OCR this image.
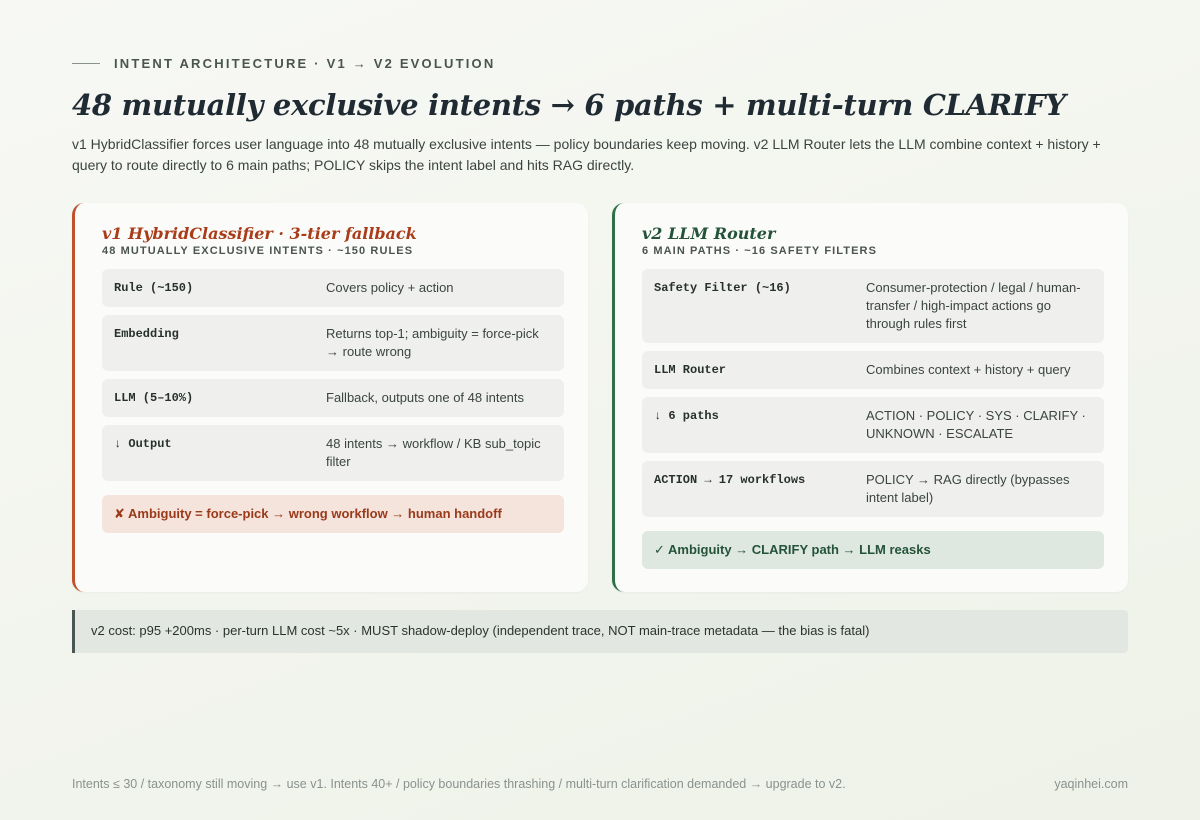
INTENT ARCHITECTURE · V1 → V2 EVOLUTION
48 mutually exclusive intents → 6 paths + multi-turn CLARIFY

v1 HybridClassifier forces user language into 48 mutually exclusive intents — policy boundaries keep moving. v2 LLM Router lets the LLM combine context + history + query to route directly to 6 main paths; POLICY skips the intent label and hits RAG directly.

v1 HybridClassifier · 3-tier fallback
48 MUTUALLY EXCLUSIVE INTENTS · ~150 RULES
Rule (~150)	Covers policy + action
Embedding	Returns top-1; ambiguity = force-pick → route wrong
LLM (5–10%)	Fallback, outputs one of 48 intents
↓ Output	48 intents → workflow / KB sub_topic filter
✘ Ambiguity = force-pick → wrong workflow → human handoff
v2 LLM Router
6 MAIN PATHS · ~16 SAFETY FILTERS
Safety Filter (~16)	Consumer-protection / legal / human-transfer / high-impact actions go through rules first
LLM Router	Combines context + history + query
↓ 6 paths	ACTION · POLICY · SYS · CLARIFY · UNKNOWN · ESCALATE
ACTION → 17 workflows	POLICY → RAG directly (bypasses intent label)
✓ Ambiguity → CLARIFY path → LLM reasks
v2 cost: p95 +200ms · per-turn LLM cost ~5x · MUST shadow-deploy (independent trace, NOT main-trace metadata — the bias is fatal)
Intents ≤ 30 / taxonomy still moving → use v1. Intents 40+ / policy boundaries thrashing / multi-turn clarification demanded → upgrade to v2.	yaqinhei.com
